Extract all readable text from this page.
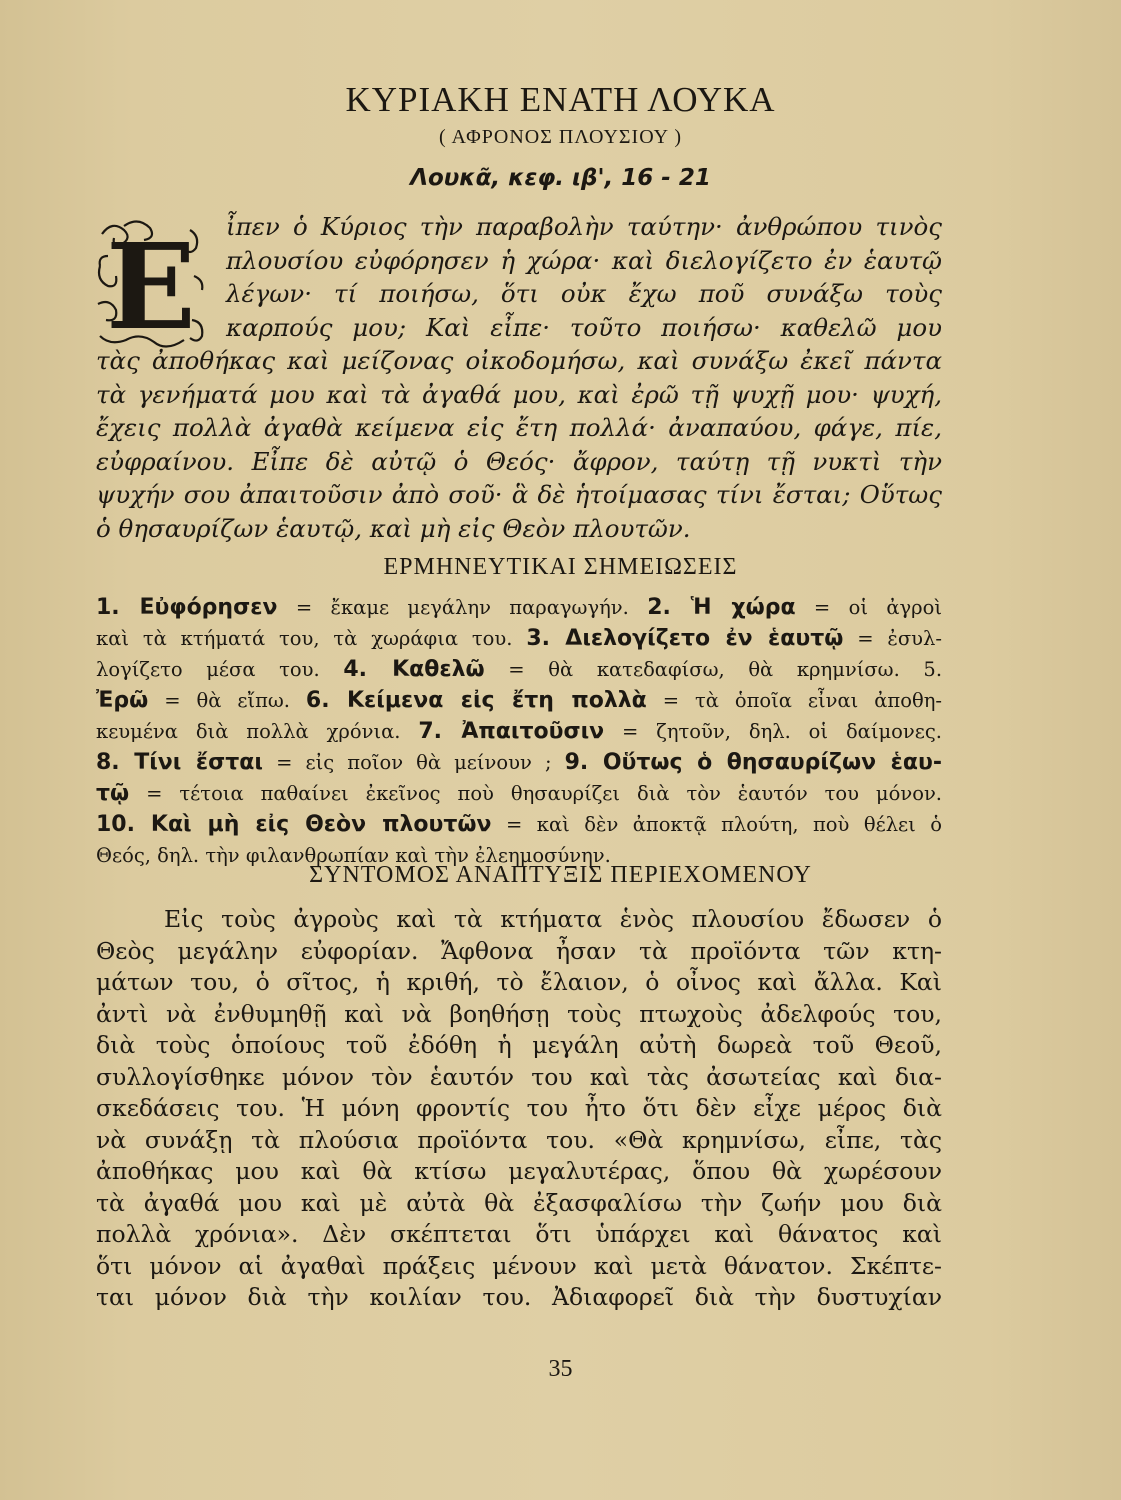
ΚΥΡΙΑΚΗ ΕΝΑΤΗ ΛΟΥΚΑ
( ΑΦΡΟΝΟΣ ΠΛΟΥΣΙΟΥ )
Λουκᾶ, κεφ. ιβ', 16 - 21
Ε	ἶπεν ὁ Κύριος τὴν παραβολὴν ταύτην· ἀνθρώπου τινὸς
πλουσίου εὐφόρησεν ἡ χώρα· καὶ διελογίζετο ἐν ἑαυτῷ
λέγων· τί ποιήσω, ὅτι οὐκ ἔχω ποῦ συνάξω τοὺς
καρπούς μου; Καὶ εἶπε· τοῦτο ποιήσω· καθελῶ μου
τὰς ἀποθήκας καὶ μείζονας οἰκοδομήσω, καὶ συνάξω ἐκεῖ πάντα
τὰ γενήματά μου καὶ τὰ ἀγαθά μου, καὶ ἐρῶ τῇ ψυχῇ μου· ψυχή,
ἔχεις πολλὰ ἀγαθὰ κείμενα εἰς ἔτη πολλά· ἀναπαύου, φάγε, πίε,
εὐφραίνου. Εἶπε δὲ αὐτῷ ὁ Θεός· ἄφρον, ταύτῃ τῇ νυκτὶ τὴν
ψυχήν σου ἀπαιτοῦσιν ἀπὸ σοῦ· ἃ δὲ ἡτοίμασας τίνι ἔσται; Οὕτως
ὁ θησαυρίζων ἑαυτῷ, καὶ μὴ εἰς Θεὸν πλουτῶν.
ΕΡΜΗΝΕΥΤΙΚΑΙ ΣΗΜΕΙΩΣΕΙΣ
1. Εὐφόρησεν = ἔκαμε μεγάλην παραγωγήν. 2. Ἡ χώρα = οἱ ἀγροὶ
καὶ τὰ κτήματά του, τὰ χωράφια του. 3. Διελογίζετο ἐν ἑαυτῷ = ἐσυλ-
λογίζετο μέσα του. 4. Καθελῶ = θὰ κατεδαφίσω, θὰ κρημνίσω. 5.
Ἐρῶ = θὰ εἴπω. 6. Κείμενα εἰς ἔτη πολλὰ = τὰ ὁποῖα εἶναι ἀποθη-
κευμένα διὰ πολλὰ χρόνια. 7. Ἀπαιτοῦσιν = ζητοῦν, δηλ. οἱ δαίμονες.
8. Τίνι ἔσται = εἰς ποῖον θὰ μείνουν ; 9. Οὕτως ὁ θησαυρίζων ἑαυ-
τῷ = τέτοια παθαίνει ἐκεῖνος ποὺ θησαυρίζει διὰ τὸν ἑαυτόν του μόνον.
10. Καὶ μὴ εἰς Θεὸν πλουτῶν = καὶ δὲν ἀποκτᾷ πλούτη, ποὺ θέλει ὁ
Θεός, δηλ. τὴν φιλανθρωπίαν καὶ τὴν ἐλεημοσύνην.
ΣΥΝΤΟΜΟΣ ΑΝΑΠΤΥΞΙΣ ΠΕΡΙΕΧΟΜΕΝΟΥ
Εἰς τοὺς ἀγροὺς καὶ τὰ κτήματα ἑνὸς πλουσίου ἔδωσεν ὁ
Θεὸς μεγάλην εὐφορίαν. Ἄφθονα ἦσαν τὰ προϊόντα τῶν κτη-
μάτων του, ὁ σῖτος, ἡ κριθή, τὸ ἔλαιον, ὁ οἶνος καὶ ἄλλα. Καὶ
ἀντὶ νὰ ἐνθυμηθῇ καὶ νὰ βοηθήσῃ τοὺς πτωχοὺς ἀδελφούς του,
διὰ τοὺς ὁποίους τοῦ ἐδόθη ἡ μεγάλη αὐτὴ δωρεὰ τοῦ Θεοῦ,
συλλογίσθηκε μόνον τὸν ἑαυτόν του καὶ τὰς ἀσωτείας καὶ δια-
σκεδάσεις του. Ἡ μόνη φροντίς του ἦτο ὅτι δὲν εἶχε μέρος διὰ
νὰ συνάξῃ τὰ πλούσια προϊόντα του. «Θὰ κρημνίσω, εἶπε, τὰς
ἀποθήκας μου καὶ θὰ κτίσω μεγαλυτέρας, ὅπου θὰ χωρέσουν
τὰ ἀγαθά μου καὶ μὲ αὐτὰ θὰ ἐξασφαλίσω τὴν ζωήν μου διὰ
πολλὰ χρόνια». Δὲν σκέπτεται ὅτι ὑπάρχει καὶ θάνατος καὶ
ὅτι μόνον αἱ ἀγαθαὶ πράξεις μένουν καὶ μετὰ θάνατον. Σκέπτε-
ται μόνον διὰ τὴν κοιλίαν του. Ἀδιαφορεῖ διὰ τὴν δυστυχίαν
35
